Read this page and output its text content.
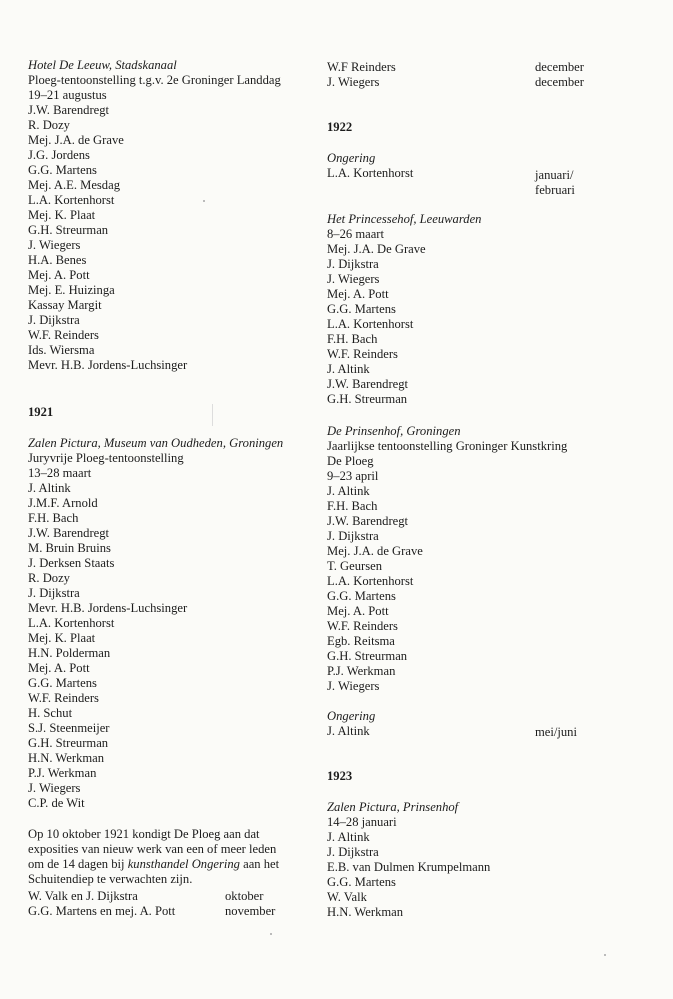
Hotel De Leeuw, Stadskanaal
Ploeg-tentoonstelling t.g.v. 2e Groninger Landdag
19–21 augustus
J.W. Barendregt
R. Dozy
Mej. J.A. de Grave
J.G. Jordens
G.G. Martens
Mej. A.E. Mesdag
L.A. Kortenhorst
Mej. K. Plaat
G.H. Streurman
J. Wiegers
H.A. Benes
Mej. A. Pott
Mej. E. Huizinga
Kassay Margit
J. Dijkstra
W.F. Reinders
Ids. Wiersma
Mevr. H.B. Jordens-Luchsinger
1921
Zalen Pictura, Museum van Oudheden, Groningen
Juryvrije Ploeg-tentoonstelling
13–28 maart
J. Altink
J.M.F. Arnold
F.H. Bach
J.W. Barendregt
M. Bruin Bruins
J. Derksen Staats
R. Dozy
J. Dijkstra
Mevr. H.B. Jordens-Luchsinger
L.A. Kortenhorst
Mej. K. Plaat
H.N. Polderman
Mej. A. Pott
G.G. Martens
W.F. Reinders
H. Schut
S.J. Steenmeijer
G.H. Streurman
H.N. Werkman
P.J. Werkman
J. Wiegers
C.P. de Wit
Op 10 oktober 1921 kondigt De Ploeg aan dat
exposities van nieuw werk van een of meer leden
om de 14 dagen bij kunsthandel Ongering aan het
Schuitendiep te verwachten zijn.
W. Valk en J. Dijkstra	oktober
G.G. Martens en mej. A. Pott	november
W.F Reinders	december
J. Wiegers	december
1922
Ongering
L.A. Kortenhorst	januari/
februari
Het Princessehof, Leeuwarden
8–26 maart
Mej. J.A. De Grave
J. Dijkstra
J. Wiegers
Mej. A. Pott
G.G. Martens
L.A. Kortenhorst
F.H. Bach
W.F. Reinders
J. Altink
J.W. Barendregt
G.H. Streurman
De Prinsenhof, Groningen
Jaarlijkse tentoonstelling Groninger Kunstkring
De Ploeg
9–23 april
J. Altink
F.H. Bach
J.W. Barendregt
J. Dijkstra
Mej. J.A. de Grave
T. Geursen
L.A. Kortenhorst
G.G. Martens
Mej. A. Pott
W.F. Reinders
Egb. Reitsma
G.H. Streurman
P.J. Werkman
J. Wiegers
Ongering
J. Altink	mei/juni
1923
Zalen Pictura, Prinsenhof
14–28 januari
J. Altink
J. Dijkstra
E.B. van Dulmen Krumpelmann
G.G. Martens
W. Valk
H.N. Werkman
